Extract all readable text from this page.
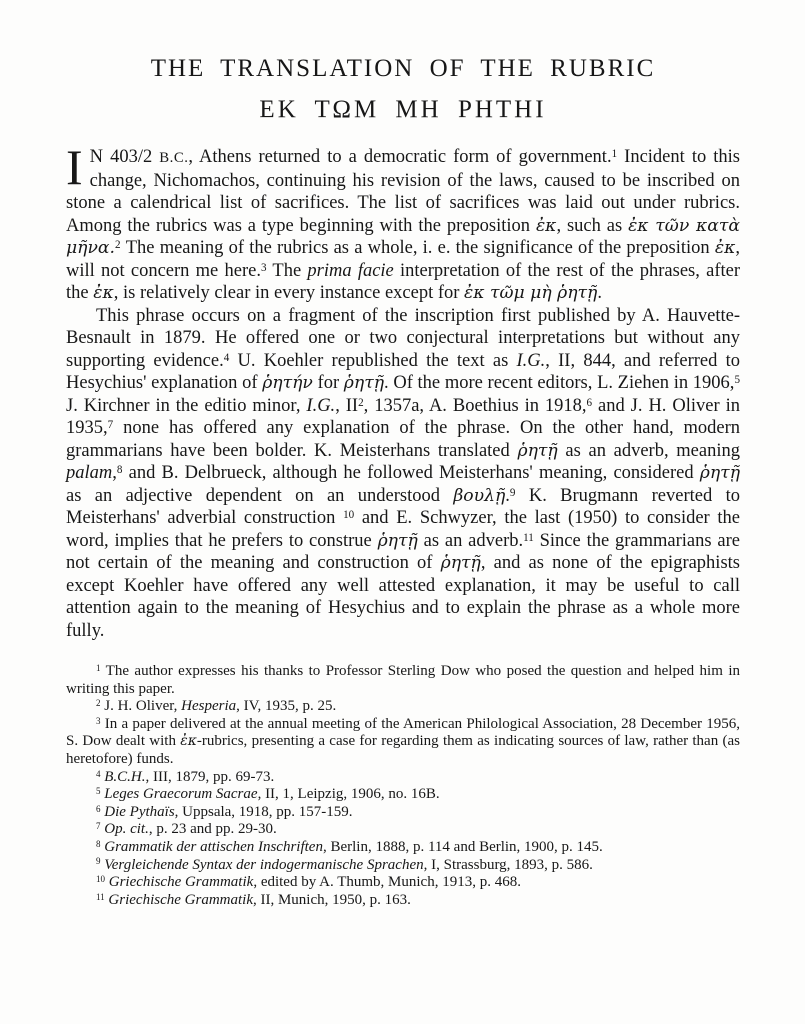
THE TRANSLATION OF THE RUBRIC
ΕΚ ΤΩΜ ΜΗ ΡΗΤΗΙ

I N 403/2 B.C., Athens returned to a democratic form of government.$^1$ Incident to this change, Nichomachos, continuing his revision of the laws, caused to be inscribed on stone a calendrical list of sacrifices. The list of sacrifices was laid out under rubrics. Among the rubrics was a type beginning with the preposition ἐκ, such as ἐκ τῶν κατὰ μῆνα.$^2$ The meaning of the rubrics as a whole, i. e. the significance of the preposition ἐκ, will not concern me here.$^3$ The prima facie interpretation of the rest of the phrases, after the ἐκ, is relatively clear in every instance except for ἐκ τῶμ μὴ ῥητῇ.

This phrase occurs on a fragment of the inscription first published by A. Hauvette-Besnault in 1879. He offered one or two conjectural interpretations but without any supporting evidence.$^4$ U. Koehler republished the text as I.G., II, 844, and referred to Hesychius' explanation of ῥητήν for ῥητῇ. Of the more recent editors, L. Ziehen in 1906,$^5$ J. Kirchner in the editio minor, I.G., $II^2$, 1357a, A. Boethius in 1918,$^6$ and J. H. Oliver in 1935,$^7$ none has offered any explanation of the phrase. On the other hand, modern grammarians have been bolder. K. Meisterhans translated ῥητῇ as an adverb, meaning palam,$^8$ and B. Delbrueck, although he followed Meisterhans' meaning, considered ῥητῇ as an adjective dependent on an understood βουλῇ.$^9$ K. Brugmann reverted to Meisterhans' adverbial construction $^{10}$ and E. Schwyzer, the last (1950) to consider the word, implies that he prefers to construe ῥητῇ as an adverb.$^{11}$ Since the grammarians are not certain of the meaning and construction of ῥητῇ, and as none of the epigraphists except Koehler have offered any well attested explanation, it may be useful to call attention again to the meaning of Hesychius and to explain the phrase as a whole more fully.

$^1$ The author expresses his thanks to Professor Sterling Dow who posed the question and helped him in writing this paper.

$^2$ J. H. Oliver, Hesperia, IV, 1935, p. 25.

$^3$ In a paper delivered at the annual meeting of the American Philological Association, 28 December 1956, S. Dow dealt with ἐκ-rubrics, presenting a case for regarding them as indicating sources of law, rather than (as heretofore) funds.

$^4$ B.C.H., III, 1879, pp. 69-73.

$^5$ Leges Graecorum Sacrae, II, 1, Leipzig, 1906, no. 16B.

$^6$ Die Pythaïs, Uppsala, 1918, pp. 157-159.

$^7$ Op. cit., p. 23 and pp. 29-30.

$^8$ Grammatik der attischen Inschriften, Berlin, 1888, p. 114 and Berlin, 1900, p. 145.

$^9$ Vergleichende Syntax der indogermanische Sprachen, I, Strassburg, 1893, p. 586.

$^{10}$ Griechische Grammatik, edited by A. Thumb, Munich, 1913, p. 468.

$^{11}$ Griechische Grammatik, II, Munich, 1950, p. 163.
